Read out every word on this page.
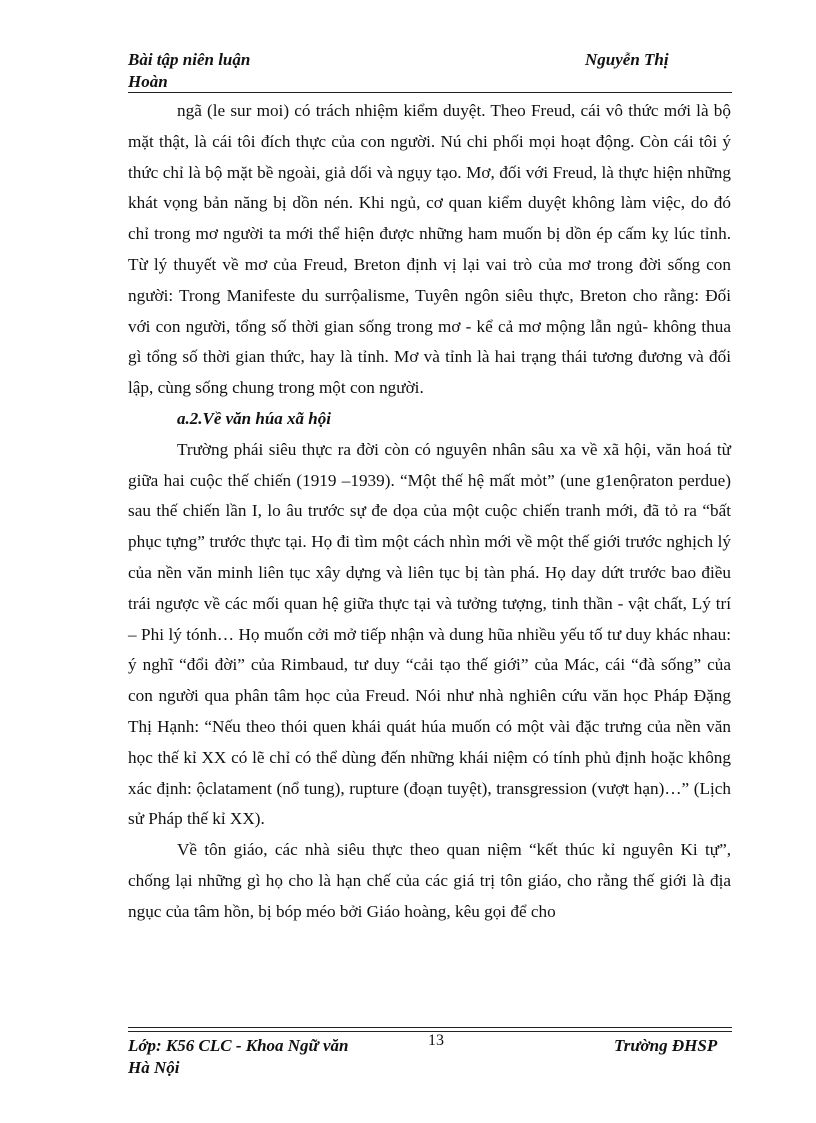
Bài tập niên luận	Nguyễn Thị
Hoàn

ngã (le sur moi) có trách nhiệm kiểm duyệt. Theo Freud, cái vô thức mới là bộ mặt thật, là cái tôi đích thực của con người. Nú chi phối mọi hoạt động. Còn cái tôi ý thức chỉ là bộ mặt bề ngoài, giả dối và ngụy tạo. Mơ, đối với Freud, là thực hiện những khát vọng bản năng bị dồn nén. Khi ngủ, cơ quan kiểm duyệt không làm việc, do đó chỉ trong mơ người ta mới thể hiện được những ham muốn bị dồn ép cấm kỵ lúc tỉnh. Từ lý thuyết về mơ của Freud, Breton định vị lại vai trò của mơ trong đời sống con người: Trong Manifeste du surrộalisme, Tuyên ngôn siêu thực, Breton cho rằng: Đối với con người, tổng số thời gian sống trong mơ - kể cả mơ mộng lẫn ngủ- không thua gì tổng số thời gian thức, hay là tỉnh. Mơ và tỉnh là hai trạng thái tương đương và đối lập, cùng sống chung trong một con người.

a.2.Về văn húa xã hội

Trường phái siêu thực ra đời còn có nguyên nhân sâu xa về xã hội, văn hoá từ giữa hai cuộc thế chiến (1919 –1939). “Một thế hệ mất mỏt” (une g1enộraton perdue) sau thế chiến lần I, lo âu trước sự đe dọa của một cuộc chiến tranh mới, đã tỏ ra “bất phục tựng” trước thực tại. Họ đi tìm một cách nhìn mới về một thế giới trước nghịch lý của nền văn minh liên tục xây dựng và liên tục bị tàn phá. Họ day dứt trước bao điều trái ngược về các mối quan hệ giữa thực tại và tưởng tượng, tinh thần - vật chất, Lý trí – Phi lý tónh… Họ muốn cởi mở tiếp nhận và dung hũa nhiều yếu tố tư duy khác nhau: ý nghĩ “đổi đời” của Rimbaud, tư duy “cải tạo thế giới” của Mác, cái “đà sống” của con người qua phân tâm học của Freud. Nói như nhà nghiên cứu văn học Pháp Đặng Thị Hạnh: “Nếu theo thói quen khái quát húa muốn có một vài đặc trưng của nền văn học thế kỉ XX có lẽ chỉ có thể dùng đến những khái niệm có tính phủ định hoặc không xác định: ộclatament (nổ tung), rupture (đoạn tuyệt), transgression (vượt hạn)…” (Lịch sử Pháp thế kỉ XX).

Về tôn giáo, các nhà siêu thực theo quan niệm “kết thúc kỉ nguyên Ki tự”, chống lại những gì họ cho là hạn chế của các giá trị tôn giáo, cho rằng thế giới là địa ngục của tâm hồn, bị bóp méo bởi Giáo hoàng, kêu gọi để cho

Lớp: K56 CLC - Khoa Ngữ văn	13	Trường ĐHSP
Hà Nội
